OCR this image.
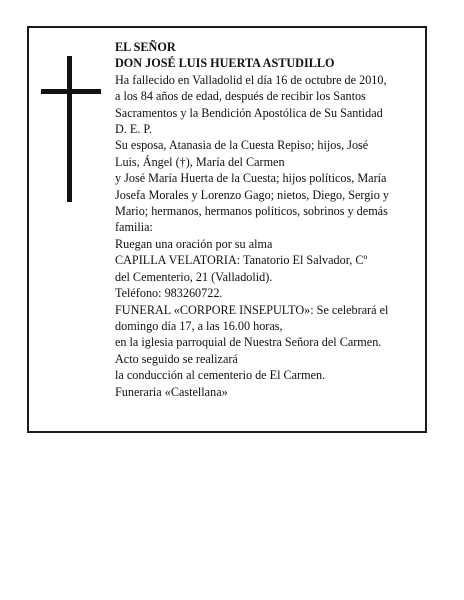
EL SEÑOR
DON JOSÉ LUIS HUERTA ASTUDILLO
Ha fallecido en Valladolid el día 16 de octubre de 2010,
a los 84 años de edad, después de recibir los Santos
Sacramentos y la Bendición Apostólica de Su Santidad
D. E. P.
Su esposa, Atanasia de la Cuesta Repiso; hijos, José
Luis, Ángel (†), María del Carmen
y José María Huerta de la Cuesta; hijos políticos, María
Josefa Morales y Lorenzo Gago; nietos, Diego, Sergio y
Mario; hermanos, hermanos políticos, sobrinos y demás
familia:
Ruegan una oración por su alma
CAPILLA VELATORIA: Tanatorio El Salvador, Cº
del Cementerio, 21 (Valladolid).
Teléfono: 983260722.
FUNERAL «CORPORE INSEPULTO»: Se celebrará el
domingo día 17, a las 16.00 horas,
en la iglesia parroquial de Nuestra Señora del Carmen.
Acto seguido se realizará
la conducción al cementerio de El Carmen.
Funeraria «Castellana»
